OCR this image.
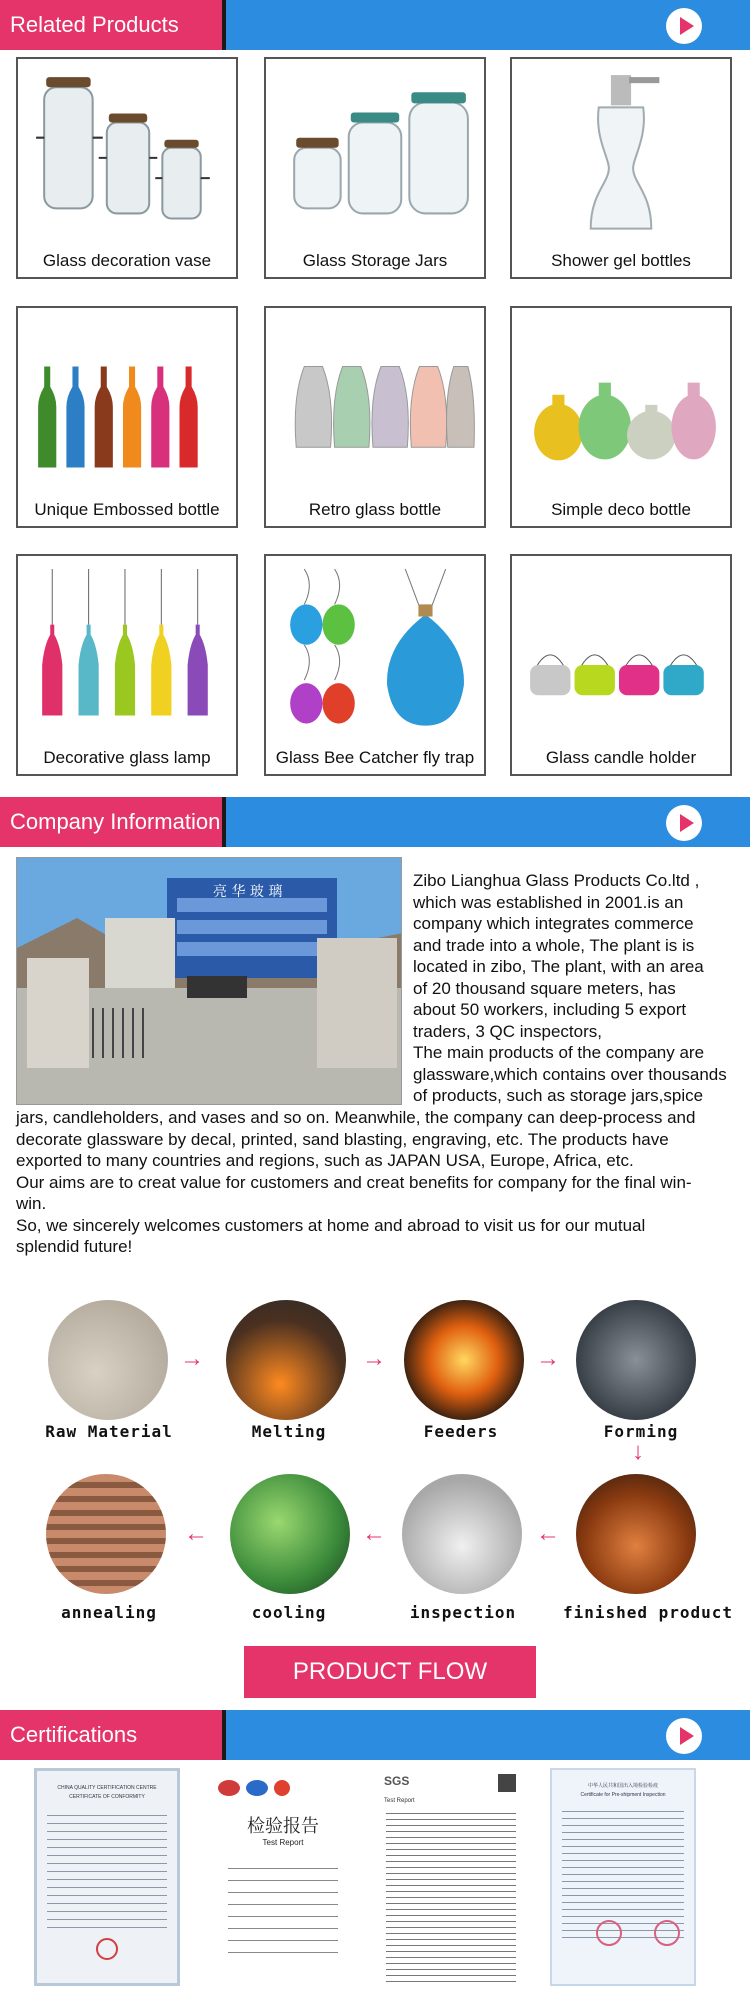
Related Products
Glass decoration vase	Glass Storage Jars	Shower gel bottles
Unique Embossed bottle	Retro glass bottle	Simple deco bottle
Decorative glass lamp	Glass Bee Catcher fly trap	Glass candle holder
Company Information
亮 华 玻 璃
Zibo Lianghua Glass Products Co.ltd ,
which was established in 2001.is an
company which integrates commerce
and trade into a whole, The plant is is
located in zibo, The plant, with an area
of 20 thousand square meters, has
about 50 workers, including 5 export
traders, 3 QC inspectors,
The main products of the company are
glassware,which contains over thousands
of products, such as storage jars,spice
jars, candleholders, and vases and so on. Meanwhile, the company can deep-process and
decorate glassware by decal, printed, sand blasting, engraving, etc. The products have
exported to many countries and regions, such as JAPAN USA, Europe, Africa, etc.
Our aims are to creat value for customers and creat benefits for company for the final win-
win.
So, we sincerely welcomes customers at home and abroad to visit us for our mutual
splendid future!
→	→	→
Raw Material	Melting	Feeders	Forming
↓
←	←	←
annealing	cooling	inspection	finished product
PRODUCT FLOW
Certifications
CHINA QUALITY CERTIFICATION CENTRE
CERTIFICATE OF CONFORMITY
检验报告
Test Report
SGS
Test Report
中华人民共和国出入境检验检疫
Certificate for Pre-shipment Inspection
